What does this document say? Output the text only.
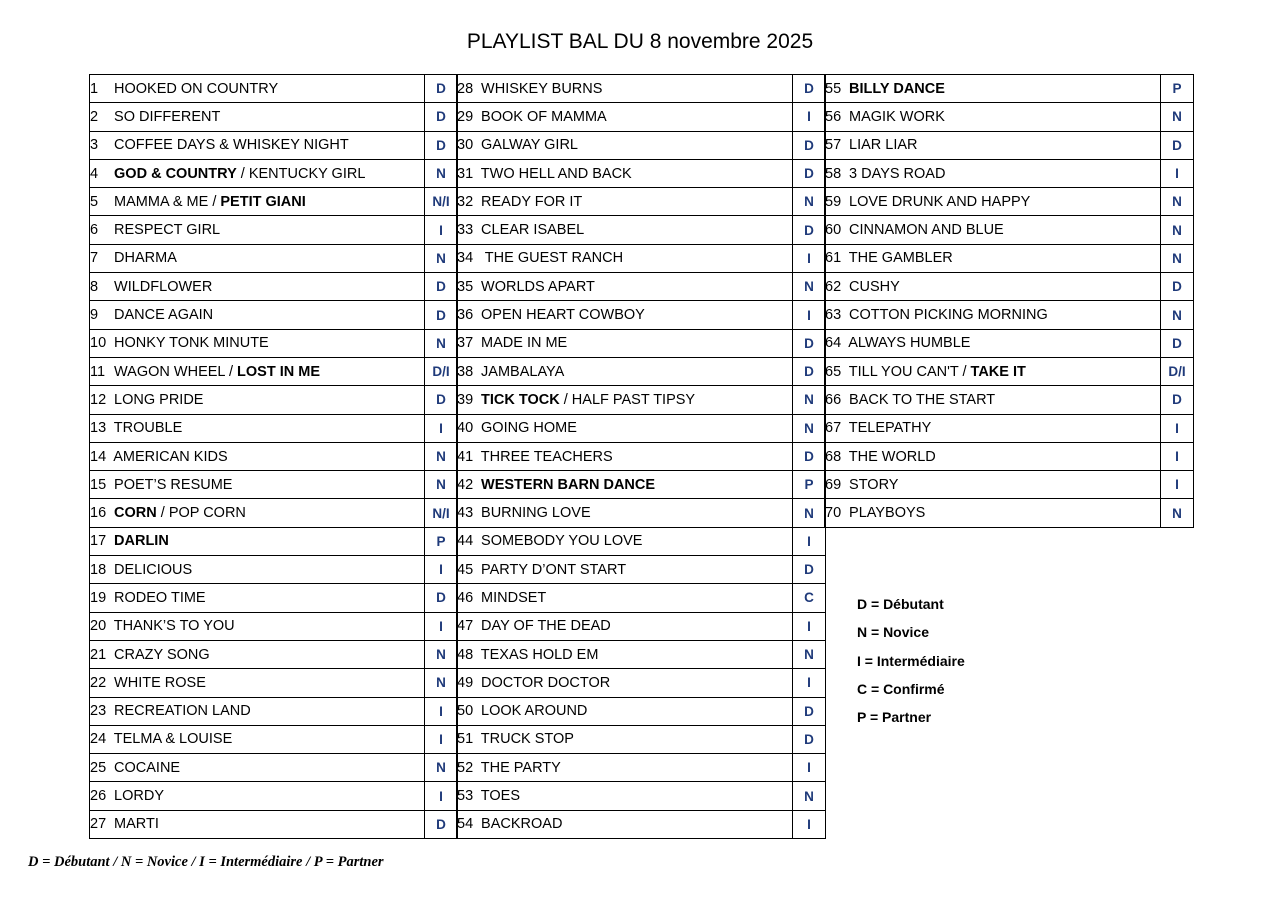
PLAYLIST BAL DU 8 novembre 2025
1 HOOKED ON COUNTRY	D
2 SO DIFFERENT	D
3 COFFEE DAYS & WHISKEY NIGHT	D
4 GOD & COUNTRY / KENTUCKY GIRL	N
5 MAMMA & ME / PETIT GIANI	N/I
6 RESPECT GIRL	I
7 DHARMA	N
8 WILDFLOWER	D
9 DANCE AGAIN	D
10 HONKY TONK MINUTE	N
11 WAGON WHEEL / LOST IN ME	D/I
12 LONG PRIDE	D
13 TROUBLE	I
14 AMERICAN KIDS	N
15 POET’S RESUME	N
16 CORN / POP CORN	N/I
17 DARLIN	P
18 DELICIOUS	I
19 RODEO TIME	D
20 THANK’S TO YOU	I
21 CRAZY SONG	N
22 WHITE ROSE	N
23 RECREATION LAND	I
24 TELMA & LOUISE	I
25 COCAINE	N
26 LORDY	I
27 MARTI	D
28 WHISKEY BURNS	D
29 BOOK OF MAMMA	I
30 GALWAY GIRL	D
31 TWO HELL AND BACK	D
32 READY FOR IT	N
33 CLEAR ISABEL	D
34  THE GUEST RANCH	I
35 WORLDS APART	N
36 OPEN HEART COWBOY	I
37 MADE IN ME	D
38 JAMBALAYA	D
39 TICK TOCK / HALF PAST TIPSY	N
40 GOING HOME	N
41 THREE TEACHERS	D
42 WESTERN BARN DANCE	P
43 BURNING LOVE	N
44 SOMEBODY YOU LOVE	I
45 PARTY D’ONT START	D
46 MINDSET	C
47 DAY OF THE DEAD	I
48 TEXAS HOLD EM	N
49 DOCTOR DOCTOR	I
50 LOOK AROUND	D
51 TRUCK STOP	D
52 THE PARTY	I
53 TOES	N
54 BACKROAD	I
55 BILLY DANCE	P
56 MAGIK WORK	N
57 LIAR LIAR	D
58 3 DAYS ROAD	I
59 LOVE DRUNK AND HAPPY	N
60 CINNAMON AND BLUE	N
61 THE GAMBLER	N
62 CUSHY	D
63 COTTON PICKING MORNING	N
64 ALWAYS HUMBLE	D
65 TILL YOU CAN'T / TAKE IT	D/I
66 BACK TO THE START	D
67 TELEPATHY	I
68 THE WORLD	I
69 STORY	I
70 PLAYBOYS	N
D = Débutant
N = Novice
I = Intermédiaire
C = Confirmé
P = Partner
D = Débutant / N = Novice / I = Intermédiaire / P = Partner
